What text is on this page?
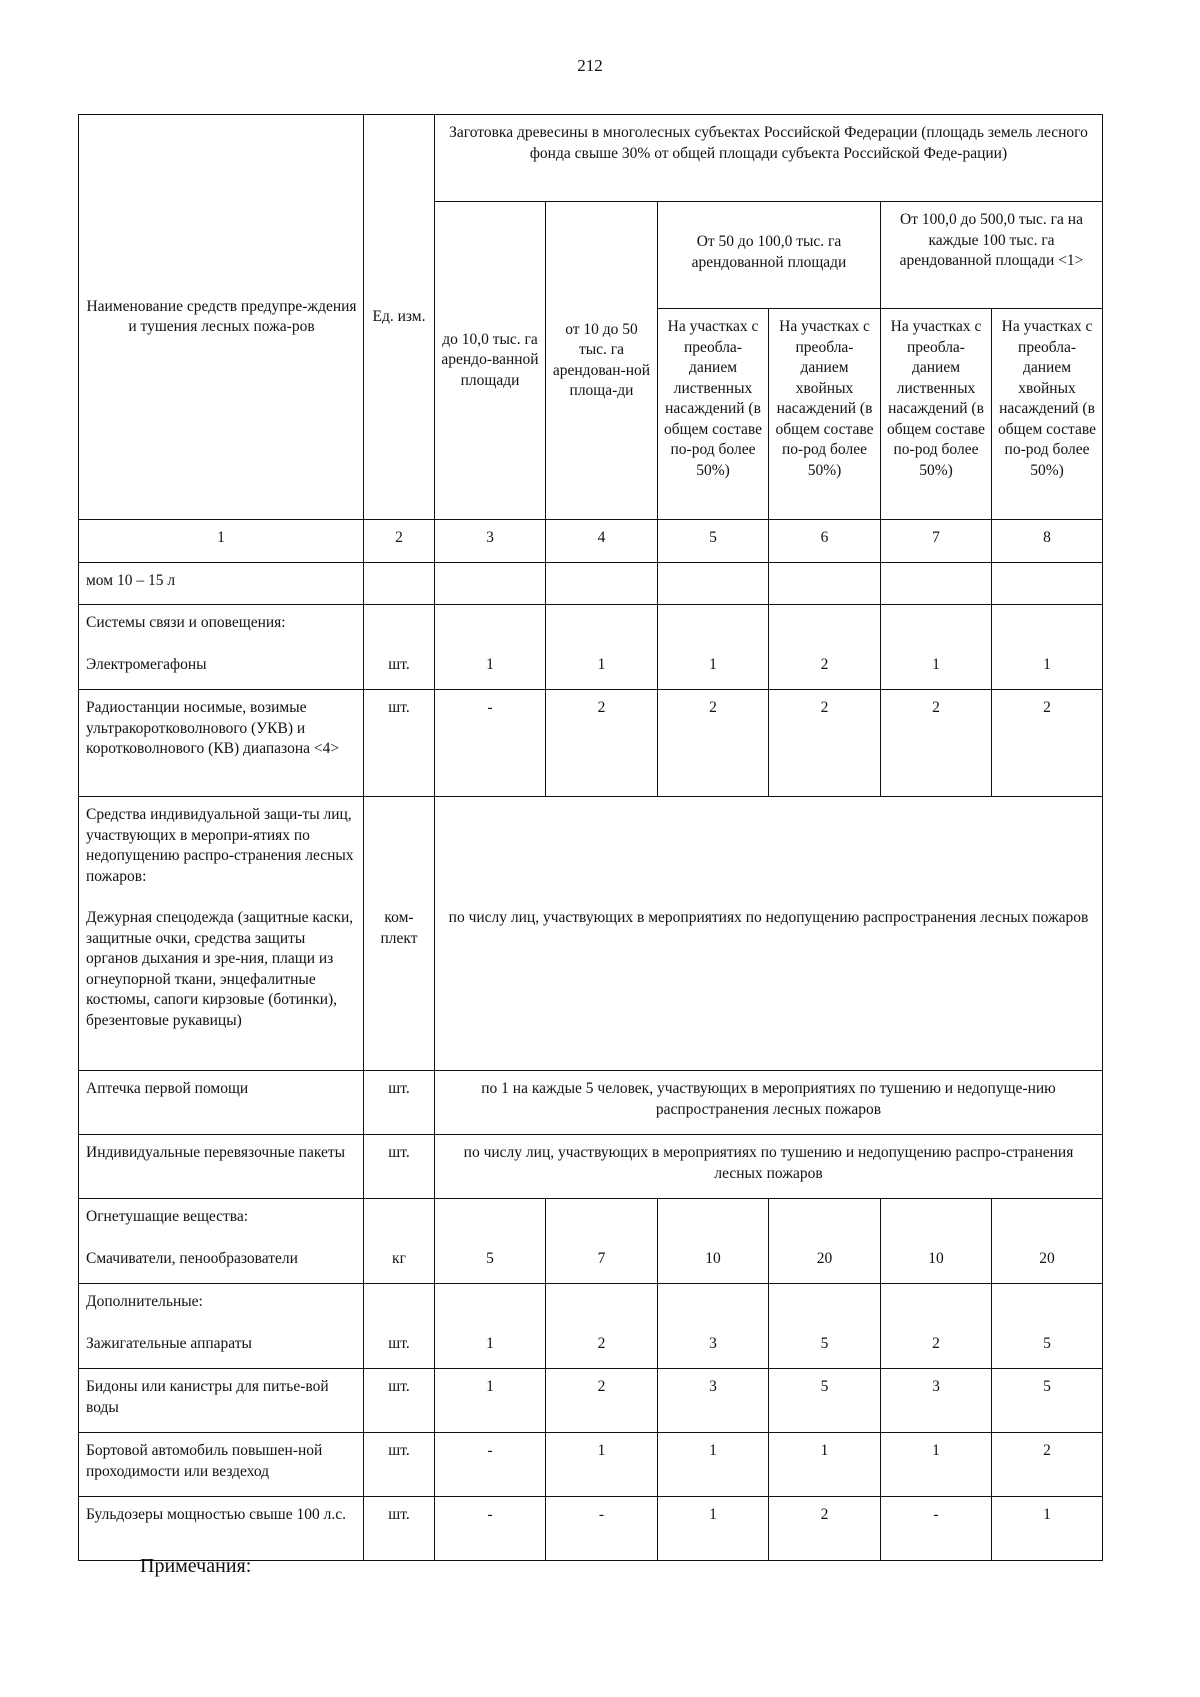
212
Наименование средств предупре-ждения и тушения лесных пожа-ров	Ед. изм.	Заготовка древесины в многолесных субъектах Российской Федерации (площадь земель лесного фонда свыше 30% от общей площади субъекта Российской Феде-рации)					
		до 10,0 тыс. га арендо-ванной площади	от 10 до 50 тыс. га арендован-ной площа-ди	От 50 до 100,0 тыс. га арендованной площади		От 100,0 до 500,0 тыс. га на каждые 100 тыс. га арендованной площади <1>	
				На участках с преобла-данием лиственных насаждений (в общем составе по-род более 50%)	На участках с преобла-данием хвойных насаждений (в общем составе по-род более 50%)	На участках с преобла-данием лиственных насаждений (в общем составе по-род более 50%)	На участках с преобла-данием хвойных насаждений (в общем составе по-род более 50%)
1	2	3	4	5	6	7	8
мом 10 – 15 л							

Системы связи и оповещения:
Электромегафоны	шт.	1	1	1	2	1	1

Радиостанции носимые, возимые ультракоротковолнового (УКВ) и коротковолнового (КВ) диапазона <4>	шт.	-	2	2	2	2	2

Средства индивидуальной защи-ты лиц, участвующих в меропри-ятиях по недопущению распро-странения лесных пожаров:
Дежурная спецодежда (защитные каски, защитные очки, средства защиты органов дыхания и зре-ния, плащи из огнеупорной ткани, энцефалитные костюмы, сапоги кирзовые (ботинки), брезентовые рукавицы)	ком-плект	по числу лиц, участвующих в мероприятиях по недопущению распространения лесных пожаров					

Аптечка первой помощи	шт.	по 1 на каждые 5 человек, участвующих в мероприятиях по тушению и недопуще-нию распространения лесных пожаров					
Индивидуальные перевязочные пакеты	шт.	по числу лиц, участвующих в мероприятиях по тушению и недопущению распро-странения лесных пожаров					

Огнетушащие вещества:
Смачиватели, пенообразователи	кг	5	7	10	20	10	20

Дополнительные:
Зажигательные аппараты	шт.	1	2	3	5	2	5

Бидоны или канистры для питье-вой воды	шт.	1	2	3	5	3	5
Бортовой автомобиль повышен-ной проходимости или вездеход	шт.	-	1	1	1	1	2
Бульдозеры мощностью свыше 100 л.с.	шт.	-	-	1	2	-	1
Примечания:
